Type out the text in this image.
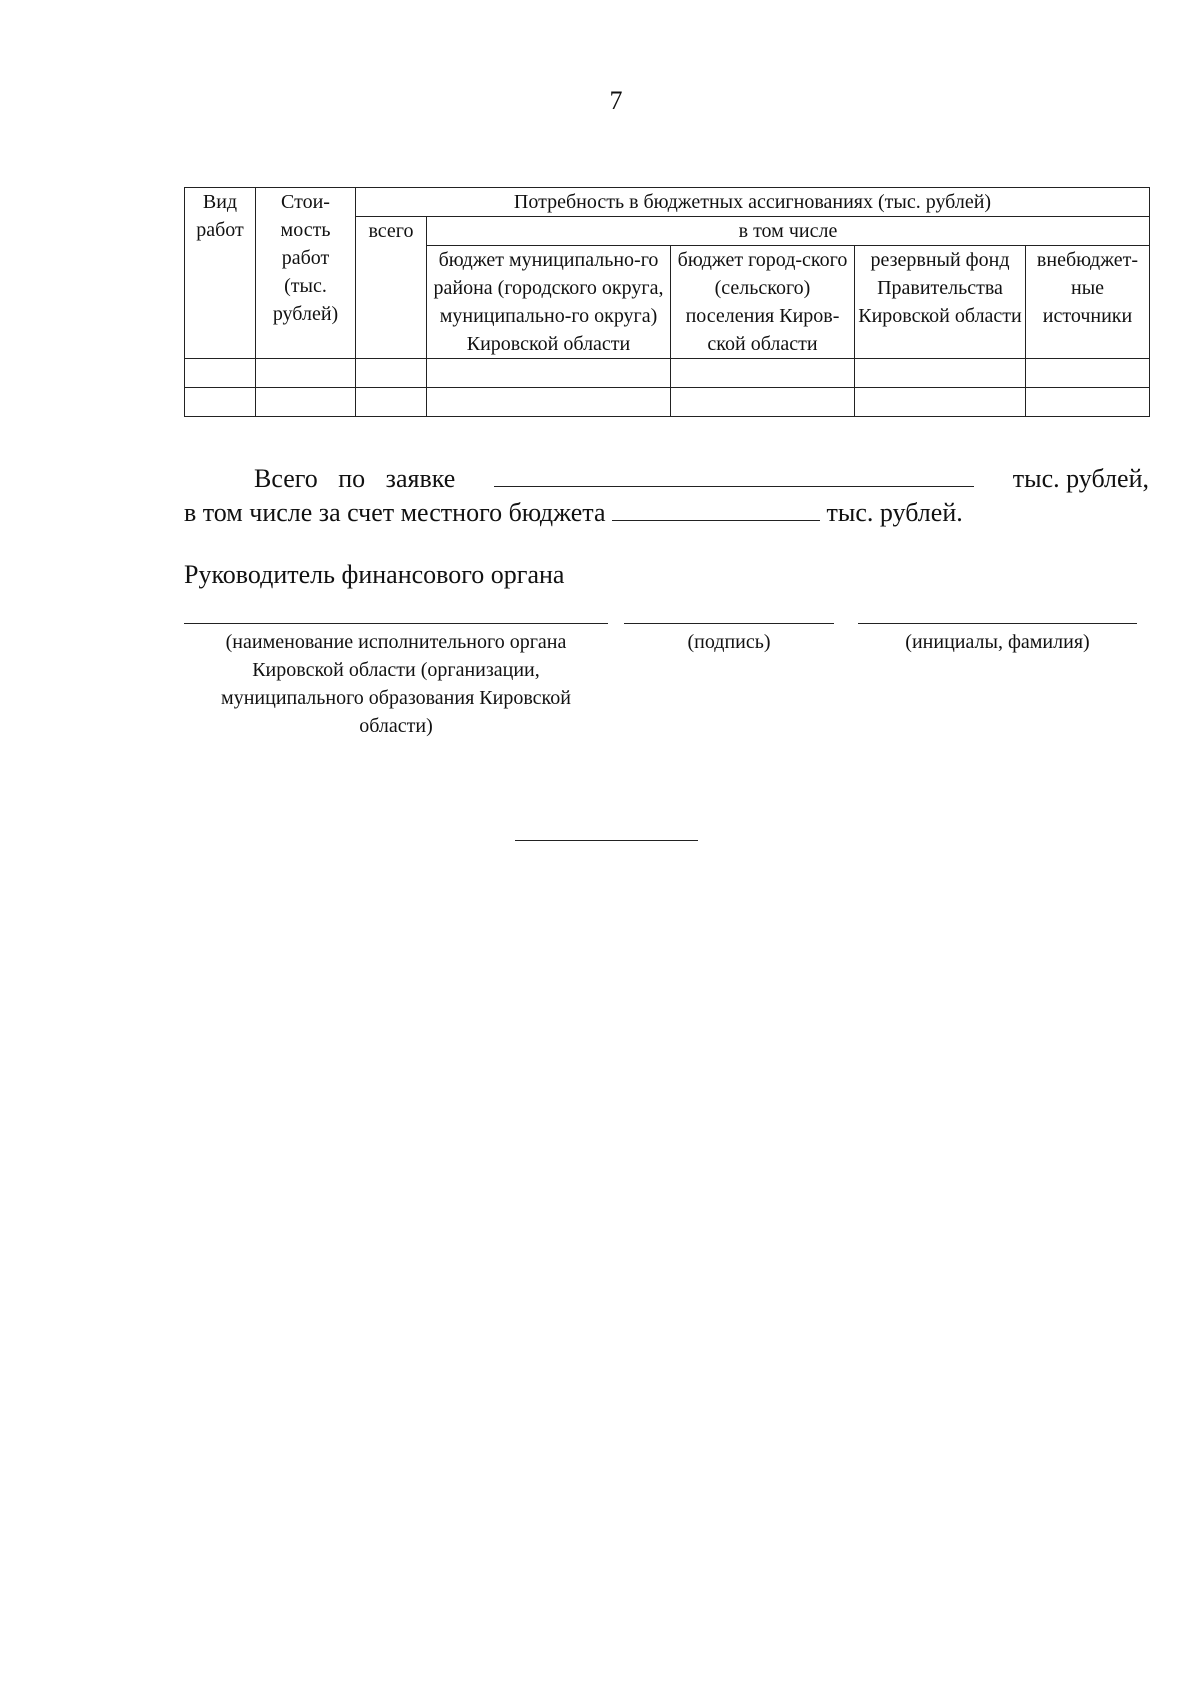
7
Вид работ	Стои-мость работ (тыс. рублей)	Потребность в бюджетных ассигнованиях (тыс. рублей)				
		всего	в том числе			
			бюджет муниципально-го района (городского округа, муниципально-го округа) Кировской области	бюджет город-ского (сельского) поселения Киров-ской области	резервный фонд Правительства Кировской области	внебюджет-ные источники

Всего по заявке	тыс. рублей,
в том числе за счет местного бюджета	тыс. рублей.
Руководитель финансового органа
(наименование исполнительного органа Кировской области (организации, муниципального образования Кировской области)
(подпись)	(инициалы, фамилия)
